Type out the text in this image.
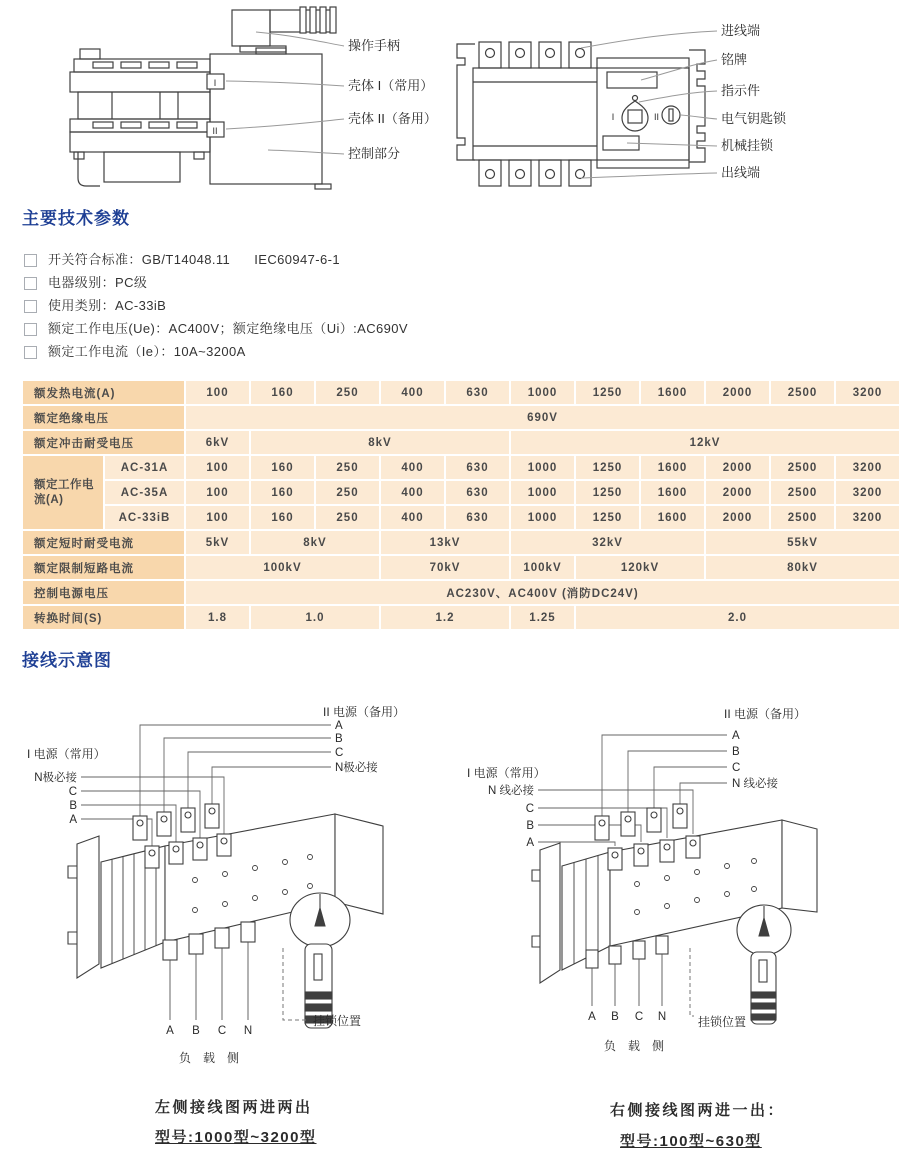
I
II
操作手柄
壳体 I（常用）
壳体 II（备用）
控制部分
I	II
进线端
铭牌
指示件
电气钥匙锁
机械挂锁
出线端
主要技术参数
开关符合标准：GB/T14048.11      IEC60947-6-1
电器级别：PC级
使用类别：AC-33iB
额定工作电压(Ue)：AC400V；额定绝缘电压（Ui）:AC690V
额定工作电流（Ie）：10A~3200A
额发热电流(A)		100	160	250	400	630	1000	1250	1600	2000	2500	3200
额定绝缘电压		690V										
额定冲击耐受电压		6kV	8kV				12kV					
额定工作电流(A)	AC-31A	100	160	250	400	630	1000	1250	1600	2000	2500	3200
	AC-35A	100	160	250	400	630	1000	1250	1600	2000	2500	3200
	AC-33iB	100	160	250	400	630	1000	1250	1600	2000	2500	3200
额定短时耐受电流		5kV	8kV		13kV		32kV			55kV		
额定限制短路电流		100kV			70kV		100kV	120kV		80kV		
控制电源电压		AC230V、AC400V (消防DC24V)										
转换时间(S)		1.8	1.0		1.2		1.25	2.0				
接线示意图
II 电源（备用）
A
B
C
N极必接
I 电源（常用）
N极必接
C
B
A
A B C N
负　载　侧
挂锁位置
左侧接线图两进两出
型号:1000型~3200型
II 电源（备用）
A
B
C
N 线必接
I 电源（常用）
N 线必接
C
B
A
A B C N
负　载　侧
挂锁位置
右侧接线图两进一出：
型号:100型~630型
